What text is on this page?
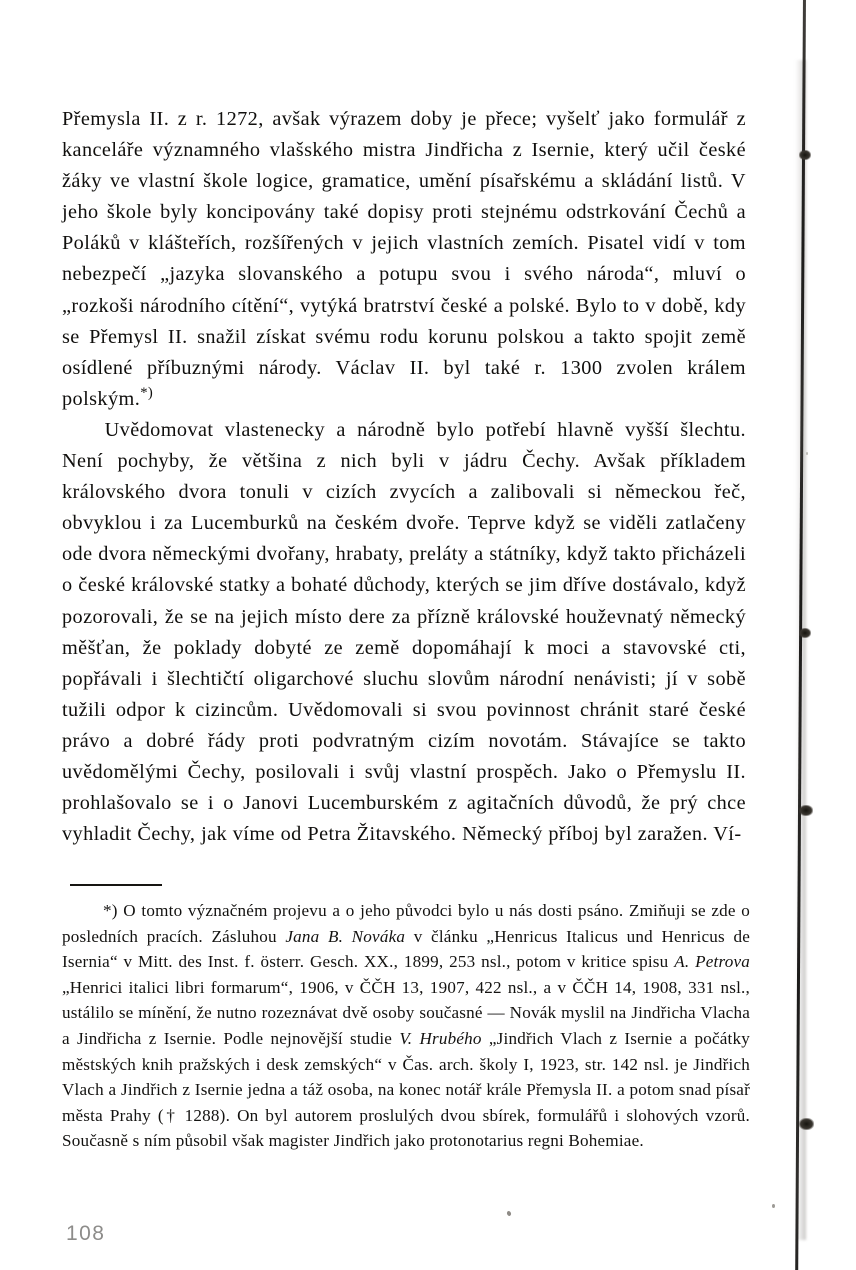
Přemysla II. z r. 1272, avšak výrazem doby je přece; vyšelť jako formulář z kanceláře významného vlašského mistra Jindřicha z Isernie, který učil české žáky ve vlastní škole logice, gramatice, umění písařskému a skládání listů. V jeho škole byly koncipovány také dopisy proti stejnému odstrkování Čechů a Poláků v klášteřích, rozšířených v jejich vlastních zemích. Pisatel vidí v tom nebezpečí „jazyka slovanského a potupu svou i svého národa“, mluví o „rozkoši národního cítění“, vytýká bratrství české a polské. Bylo to v době, kdy se Přemysl II. snažil získat svému rodu korunu polskou a takto spojit země osídlené příbuznými národy. Václav II. byl také r. 1300 zvolen králem polským.*)

Uvědomovat vlastenecky a národně bylo potřebí hlavně vyšší šlechtu. Není pochyby, že většina z nich byli v jádru Čechy. Avšak příkladem královského dvora tonuli v cizích zvycích a zalibovali si německou řeč, obvyklou i za Lucemburků na českém dvoře. Teprve když se viděli zatlačeny ode dvora německými dvořany, hrabaty, preláty a státníky, když takto přicházeli o české královské statky a bohaté důchody, kterých se jim dříve dostávalo, když pozorovali, že se na jejich místo dere za přízně královské houževnatý německý měšťan, že poklady dobyté ze země dopomáhají k moci a stavovské cti, popřávali i šlechtičtí oligarchové sluchu slovům národní nenávisti; jí v sobě tužili odpor k cizincům. Uvědomovali si svou povinnost chránit staré české právo a dobré řády proti podvratným cizím novotám. Stávajíce se takto uvědomělými Čechy, posilovali i svůj vlastní prospěch. Jako o Přemyslu II. prohlašovalo se i o Janovi Lucemburském z agitačních důvodů, že prý chce vyhladit Čechy, jak víme od Petra Žitavského. Německý příboj byl zaražen. Ví-

*) O tomto význačném projevu a o jeho původci bylo u nás dosti psáno. Zmiňuji se zde o posledních pracích. Zásluhou Jana B. Nováka v článku „Henricus Italicus und Henricus de Isernia“ v Mitt. des Inst. f. österr. Gesch. XX., 1899, 253 nsl., potom v kritice spisu A. Petrova „Henrici italici libri formarum“, 1906, v ČČH 13, 1907, 422 nsl., a v ČČH 14, 1908, 331 nsl., ustálilo se mínění, že nutno rozeznávat dvě osoby současné — Novák myslil na Jindřicha Vlacha a Jindřicha z Isernie. Podle nejnovější studie V. Hrubého „Jindřich Vlach z Isernie a počátky městských knih pražských i desk zemských“ v Čas. arch. školy I, 1923, str. 142 nsl. je Jindřich Vlach a Jindřich z Isernie jedna a táž osoba, na konec notář krále Přemysla II. a potom snad písař města Prahy († 1288). On byl autorem proslulých dvou sbírek, formulářů i slohových vzorů. Současně s ním působil však magister Jindřich jako protonotarius regni Bohemiae.

108
